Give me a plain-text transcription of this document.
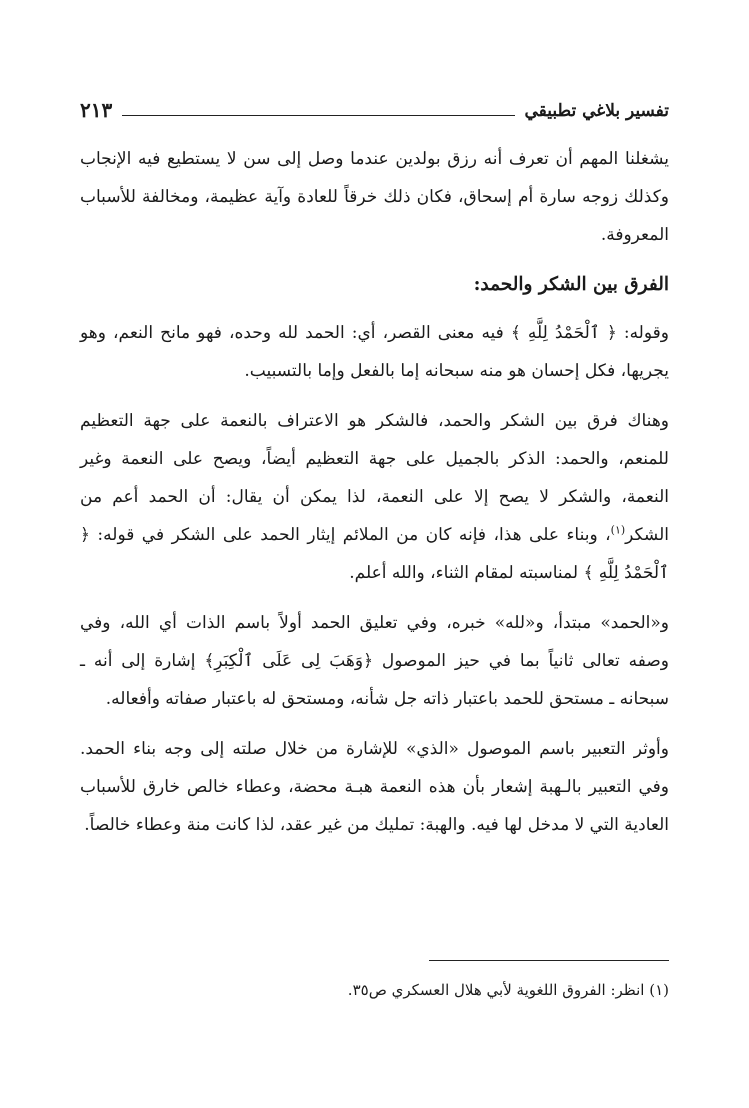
تفسير بلاغي تطبيقي
٢١٣

يشغلنا المهم أن تعرف أنه رزق بولدين عندما وصل إلى سن لا يستطيع فيه الإنجاب وكذلك زوجه سارة أم إسحاق، فكان ذلك خرقاً للعادة وآية عظيمة، ومخالفة للأسباب المعروفة.

الفرق بين الشكر والحمد:

وقوله: ﴿ ٱلْحَمْدُ لِلَّهِ ﴾ فيه معنى القصر، أي: الحمد لله وحده، فهو مانح النعم، وهو يجريها، فكل إحسان هو منه سبحانه إما بالفعل وإما بالتسبيب.

وهناك فرق بين الشكر والحمد، فالشكر هو الاعتراف بالنعمة على جهة التعظيم للمنعم، والحمد: الذكر بالجميل على جهة التعظيم أيضاً، ويصح على النعمة وغير النعمة، والشكر لا يصح إلا على النعمة، لذا يمكن أن يقال: أن الحمد أعم من الشكر$^{(١)}$، وبناء على هذا، فإنه كان من الملائم إيثار الحمد على الشكر في قوله: ﴿ ٱلْحَمْدُ لِلَّهِ ﴾ لمناسبته لمقام الثناء، والله أعلم.

و«الحمد» مبتدأ، و«لله» خبره، وفي تعليق الحمد أولاً باسم الذات أي الله، وفي وصفه تعالى ثانياً بما في حيز الموصول ﴿وَهَبَ لِى عَلَى ٱلْكِبَرِ﴾ إشارة إلى أنه ـ سبحانه ـ مستحق للحمد باعتبار ذاته جل شأنه، ومستحق له باعتبار صفاته وأفعاله.

وأوثر التعبير باسم الموصول «الذي» للإشارة من خلال صلته إلى وجه بناء الحمد. وفي التعبير بالـهبة إشعار بأن هذه النعمة هبـة محضة، وعطاء خالص خارق للأسباب العادية التي لا مدخل لها فيه. والهبة: تمليك من غير عقد، لذا كانت منة وعطاء خالصاً.

(١) انظر: الفروق اللغوية لأبي هلال العسكري ص٣٥.
